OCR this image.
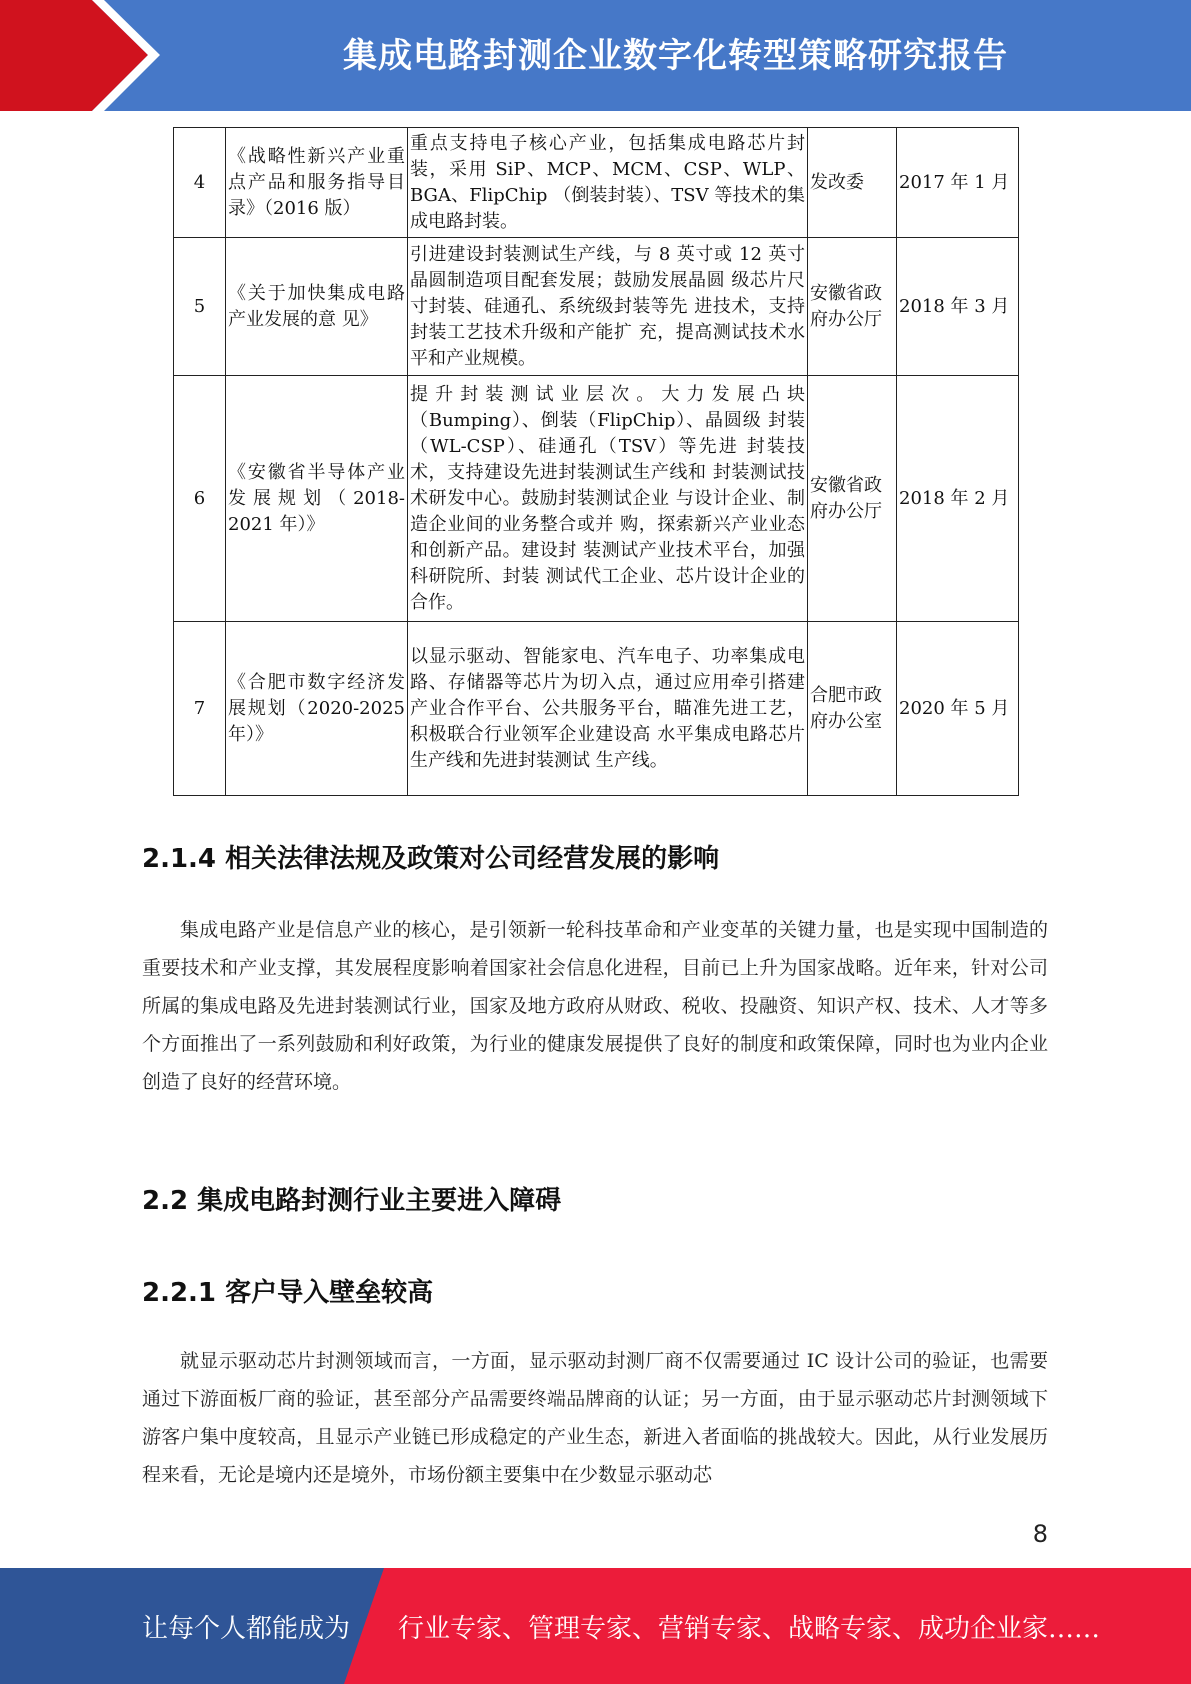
集成电路封测企业数字化转型策略研究报告
4	《战略性新兴产业重点产品和服务指导目录》（2016 版）	重点支持电子核心产业，包括集成电路芯片封装，采用 SiP、MCP、MCM、CSP、WLP、BGA、FlipChip （倒装封装）、TSV 等技术的集成电路封装。	发改委	2017 年 1 月
5	《关于加快集成电路产业发展的意 见》	引进建设封装测试生产线，与 8 英寸或 12 英寸晶圆制造项目配套发展；鼓励发展晶圆 级芯片尺寸封装、硅通孔、系统级封装等先 进技术，支持封装工艺技术升级和产能扩 充，提高测试技术水平和产业规模。	安徽省政府办公厅	2018 年 3 月
6	《安徽省半导体产业发展规划（2018-2021 年）》	提升封装测试业层次。大力发展凸块（Bumping）、倒装（FlipChip）、晶圆级 封装（WL-CSP）、硅通孔（TSV）等先进 封装技术，支持建设先进封装测试生产线和 封装测试技术研发中心。鼓励封装测试企业 与设计企业、制造企业间的业务整合或并 购，探索新兴产业业态和创新产品。建设封 装测试产业技术平台，加强科研院所、封装 测试代工企业、芯片设计企业的合作。	安徽省政府办公厅	2018 年 2 月
7	《合肥市数字经济发展规划（2020-2025 年）》	以显示驱动、智能家电、汽车电子、功率集成电路、存储器等芯片为切入点，通过应用牵引搭建产业合作平台、公共服务平台，瞄准先进工艺，积极联合行业领军企业建设高 水平集成电路芯片生产线和先进封装测试 生产线。	合肥市政府办公室	2020 年 5 月
2.1.4 相关法律法规及政策对公司经营发展的影响
集成电路产业是信息产业的核心，是引领新一轮科技革命和产业变革的关键力量，也是实现中国制造的重要技术和产业支撑，其发展程度影响着国家社会信息化进程，目前已上升为国家战略。近年来，针对公司所属的集成电路及先进封装测试行业，国家及地方政府从财政、税收、投融资、知识产权、技术、人才等多个方面推出了一系列鼓励和利好政策，为行业的健康发展提供了良好的制度和政策保障，同时也为业内企业创造了良好的经营环境。
2.2 集成电路封测行业主要进入障碍
2.2.1 客户导入壁垒较高
就显示驱动芯片封测领域而言，一方面，显示驱动封测厂商不仅需要通过 IC 设计公司的验证，也需要通过下游面板厂商的验证，甚至部分产品需要终端品牌商的认证；另一方面，由于显示驱动芯片封测领域下游客户集中度较高，且显示产业链已形成稳定的产业生态，新进入者面临的挑战较大。因此，从行业发展历程来看，无论是境内还是境外，市场份额主要集中在少数显示驱动芯
8
让每个人都能成为 行业专家、管理专家、营销专家、战略专家、成功企业家……
